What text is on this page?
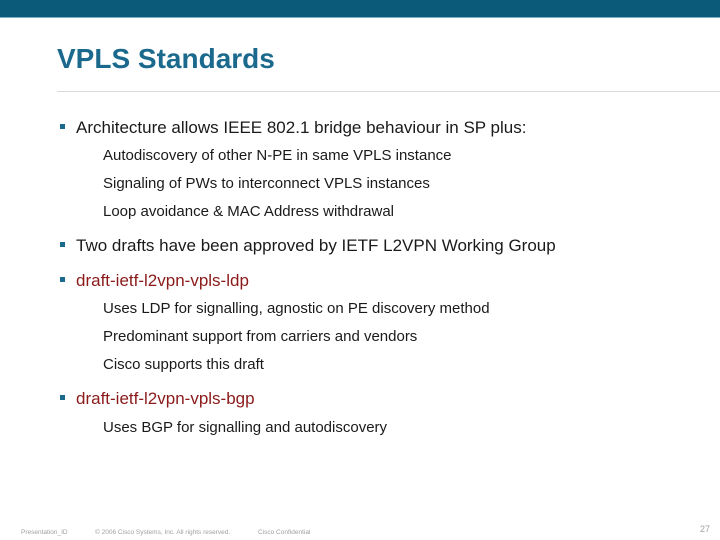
VPLS Standards
Architecture allows IEEE 802.1 bridge behaviour in SP plus:
Autodiscovery of other N-PE in same VPLS instance
Signaling of PWs to interconnect VPLS instances
Loop avoidance & MAC Address withdrawal
Two drafts have been approved by IETF L2VPN Working Group
draft-ietf-l2vpn-vpls-ldp
Uses LDP for signalling, agnostic on PE discovery method
Predominant support from carriers and vendors
Cisco supports this draft
draft-ietf-l2vpn-vpls-bgp
Uses BGP for signalling and autodiscovery
Presentation_ID	© 2006 Cisco Systems, Inc. All rights reserved.	Cisco Confidential	27
